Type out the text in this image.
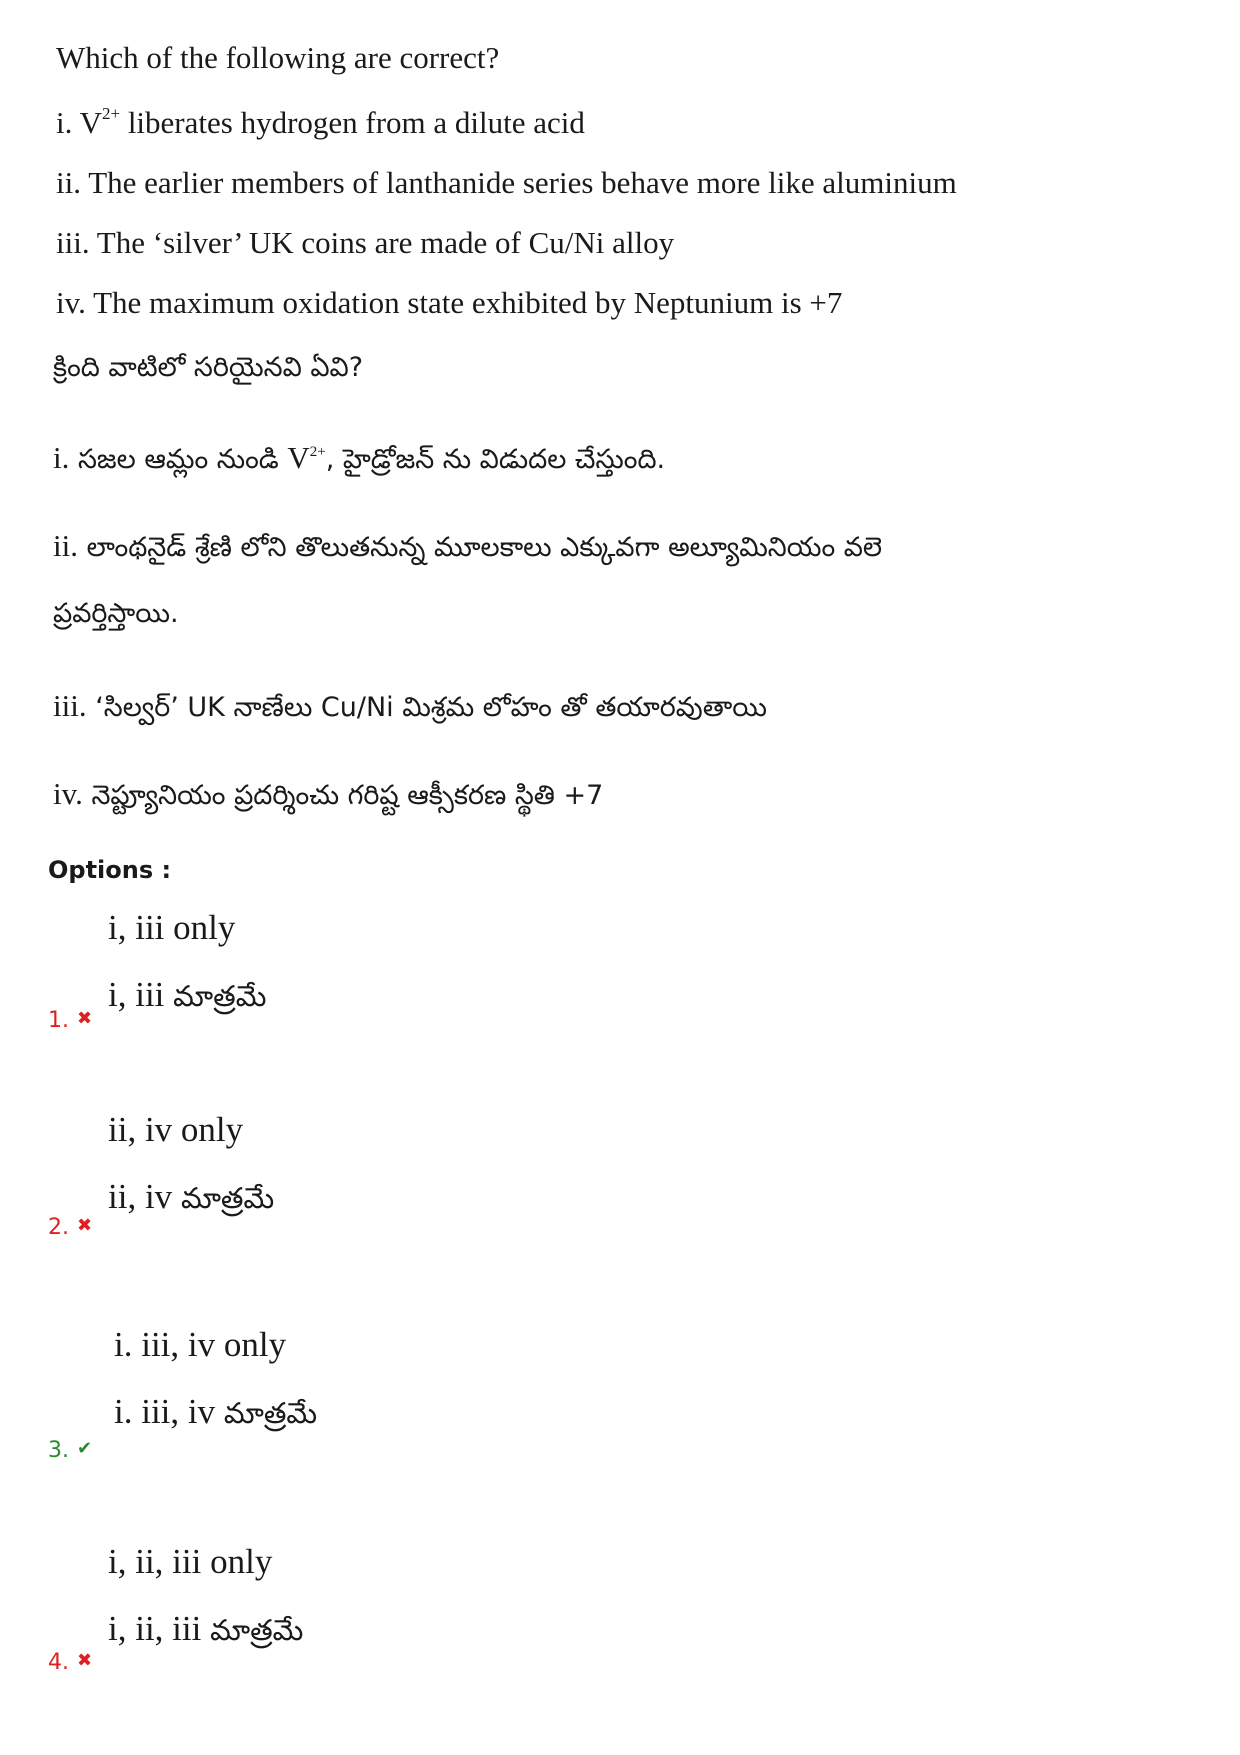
Which of the following are correct?
i. $V^{2+}$ liberates hydrogen from a dilute acid
ii. The earlier members of lanthanide series behave more like aluminium
iii. The ‘silver’ UK coins are made of Cu/Ni alloy
iv. The maximum oxidation state exhibited by Neptunium is +7
క్రింది వాటిలో సరియైనవి ఏవి?
i. సజల ఆమ్లం నుండి $V^{2+}$, హైడ్రోజన్ ను విడుదల చేస్తుంది.
ii. లాంథనైడ్ శ్రేణి లోని తొలుతనున్న మూలకాలు ఎక్కువగా అల్యూమినియం వలె
ప్రవర్తిస్తాయి.
iii. ‘సిల్వర్’ UK నాణేలు Cu/Ni మిశ్రమ లోహం తో తయారవుతాయి
iv. నెప్ట్యూనియం ప్రదర్శించు గరిష్ట ఆక్సీకరణ స్థితి +7
Options :
i, iii only
i, iii మాత్రమే
1. ✖
ii, iv only
ii, iv మాత్రమే
2. ✖
i. iii, iv only
i. iii, iv మాత్రమే
3. ✔
i, ii, iii only
i, ii, iii మాత్రమే
4. ✖
